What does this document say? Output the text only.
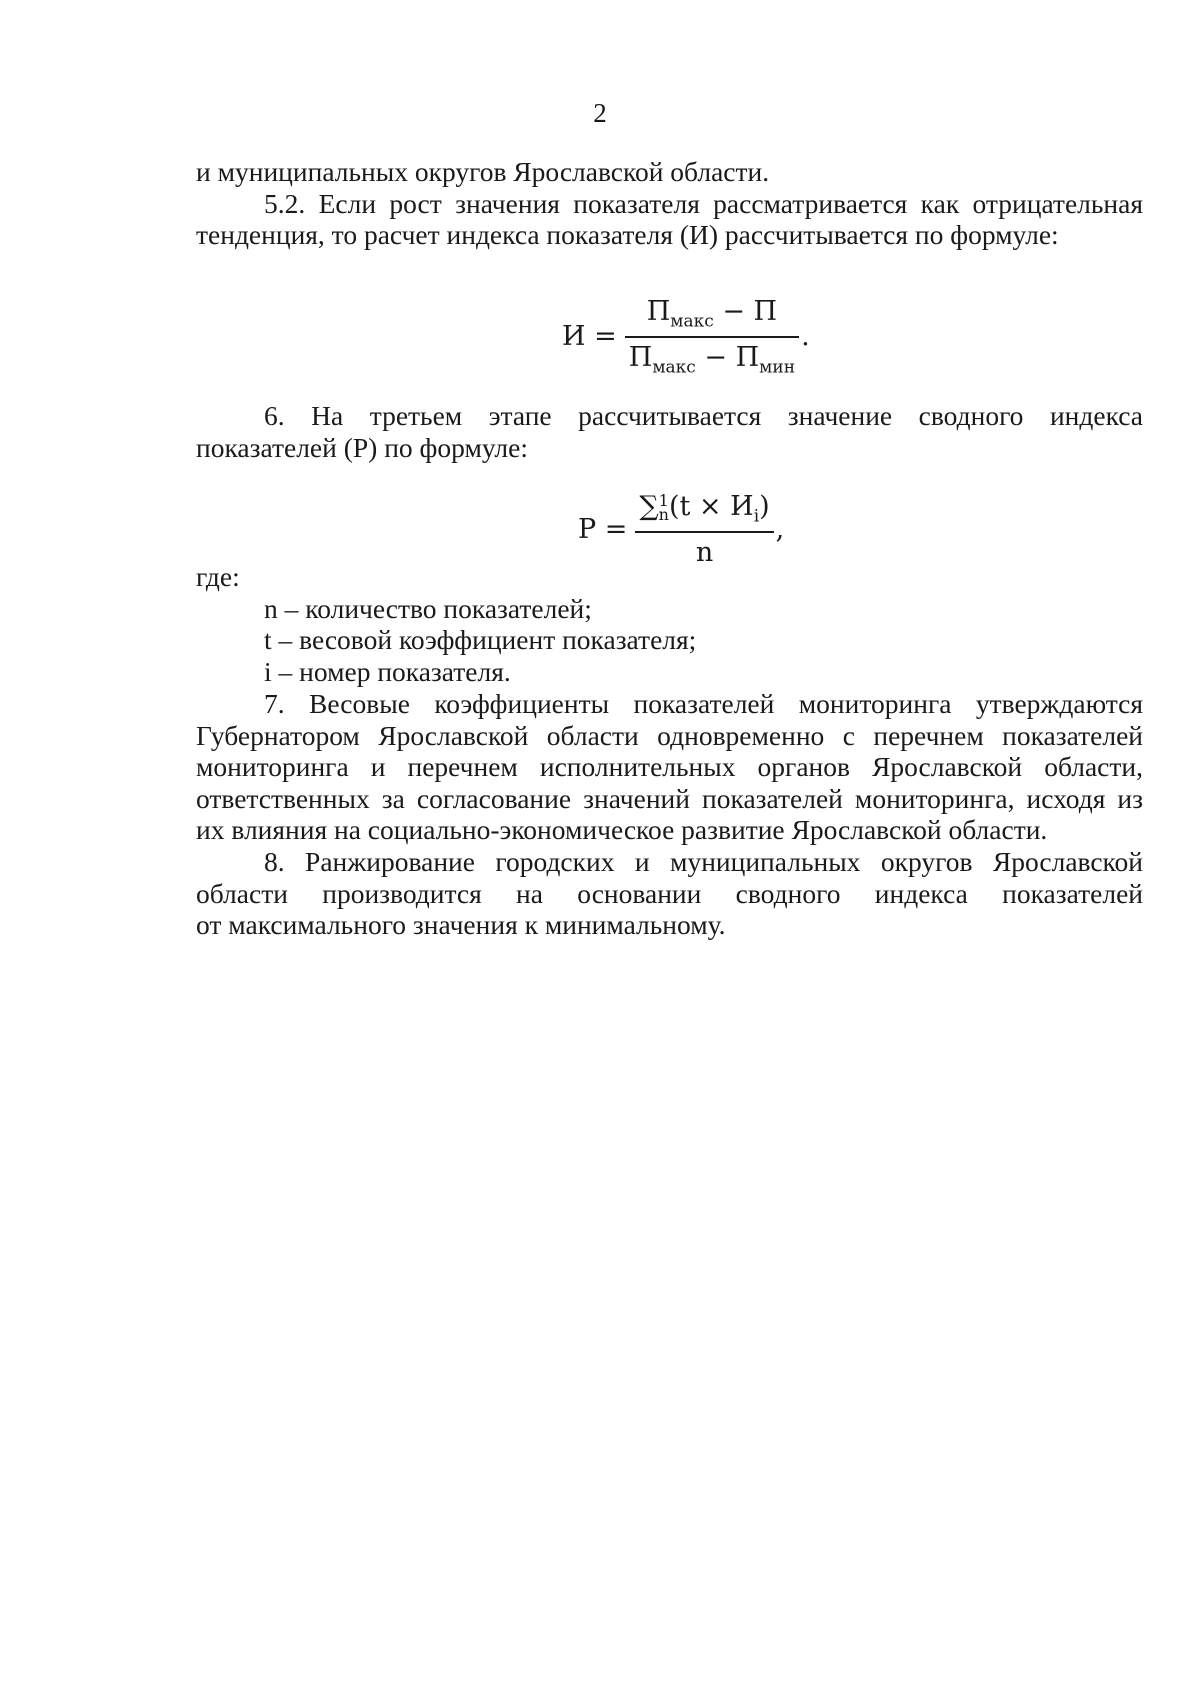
2
и муниципальных округов Ярославской области.
5.2. Если рост значения показателя рассматривается как отрицательная
тенденция, то расчет индекса показателя (И) рассчитывается по формуле:
$И = \frac{П_{макс} - П}{П_{макс} - П_{мин}}$ .
6. На третьем этапе рассчитывается значение сводного индекса
показателей (Р) по формуле:
Р = ∑ 1
n $(t \times И_i)$
n ,
где:
n – количество показателей;
t – весовой коэффициент показателя;
i – номер показателя.
7. Весовые коэффициенты показателей мониторинга утверждаются
Губернатором Ярославской области одновременно с перечнем показателей
мониторинга и перечнем исполнительных органов Ярославской области,
ответственных за согласование значений показателей мониторинга, исходя из
их влияния на социально-экономическое развитие Ярославской области.
8. Ранжирование городских и муниципальных округов Ярославской
области производится на основании сводного индекса показателей
от максимального значения к минимальному.
